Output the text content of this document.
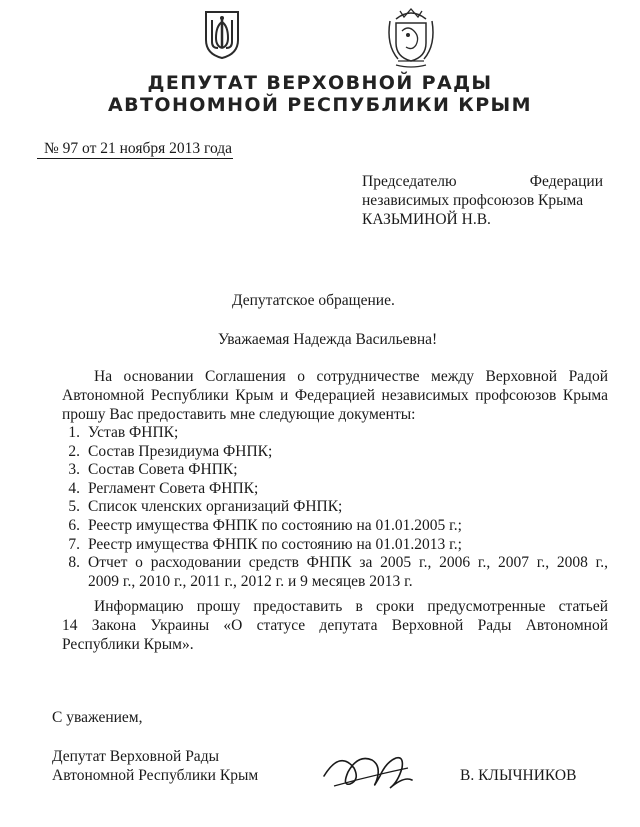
ДЕПУТАТ ВЕРХОВНОЙ РАДЫ
АВТОНОМНОЙ РЕСПУБЛИКИ КРЫМ
№ 97 от 21 ноября 2013 года
Председателю	Федерации
независимых профсоюзов Крыма
КАЗЬМИНОЙ Н.В.
Депутатское обращение.
Уважаемая Надежда Васильевна!
На основании Соглашения о сотрудничестве между Верховной Радой
Автономной Республики Крым и Федерацией независимых профсоюзов Крыма
прошу Вас предоставить мне следующие документы:
1. Устав ФНПК;
2. Состав Президиума ФНПК;
3. Состав Совета ФНПК;
4. Регламент Совета ФНПК;
5. Список членских организаций ФНПК;
6. Реестр имущества ФНПК по состоянию на 01.01.2005 г.;
7. Реестр имущества ФНПК по состоянию на 01.01.2013 г.;
8. Отчет о расходовании средств ФНПК за 2005 г., 2006 г., 2007 г., 2008 г.,
2009 г., 2010 г., 2011 г., 2012 г. и 9 месяцев 2013 г.
Информацию прошу предоставить в сроки предусмотренные статьей
14 Закона Украины «О статусе депутата Верховной Рады Автономной
Республики Крым».
С уважением,
Депутат Верховной Рады
Автономной Республики Крым	В. КЛЫЧНИКОВ
